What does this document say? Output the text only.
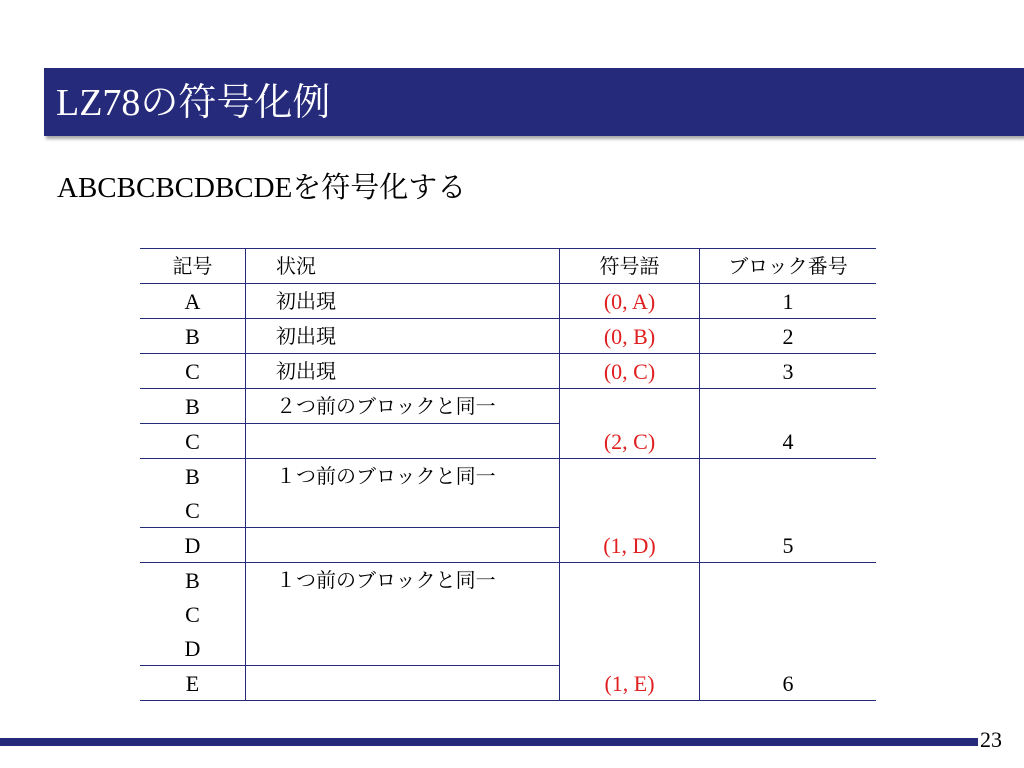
LZ78の符号化例
ABCBCBCDBCDEを符号化する
記号	状況	符号語	ブロック番号
A	初出現	(0, A)	1
B	初出現	(0, B)	2
C	初出現	(0, C)	3
B	２つ前のブロックと同一		
C		(2, C)	4
B	１つ前のブロックと同一		
C			
D		(1, D)	5
B	１つ前のブロックと同一		
C			
D			
E		(1, E)	6
23
